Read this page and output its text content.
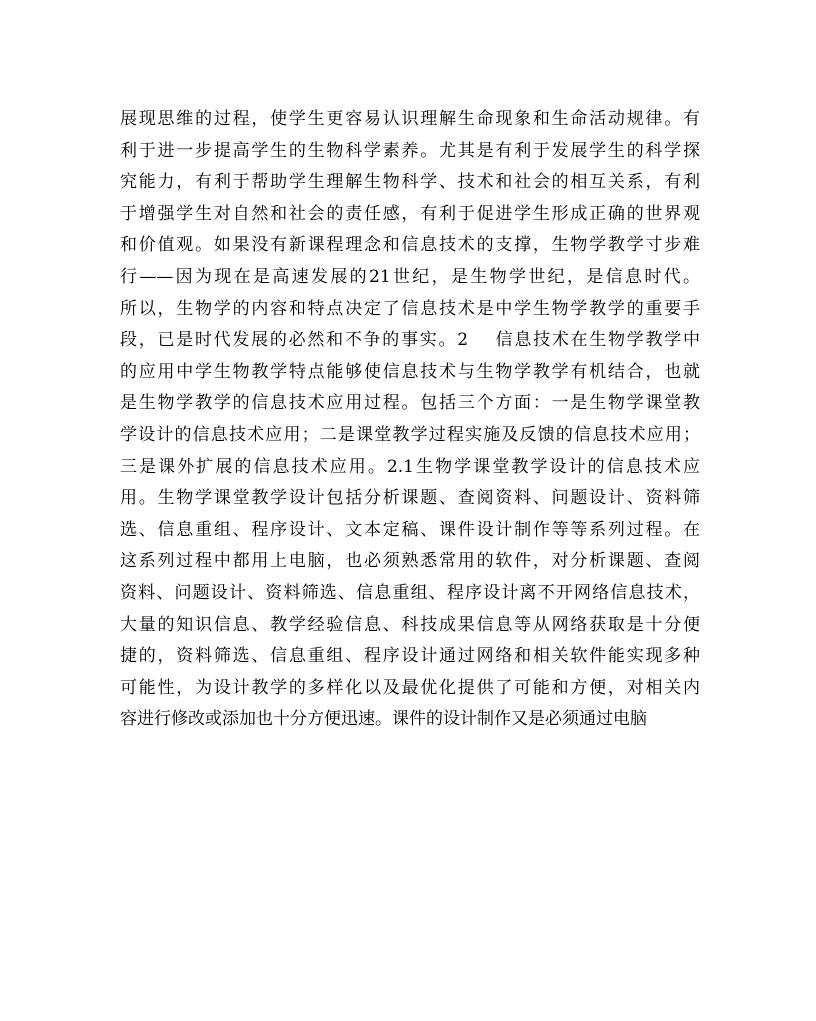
展现思维的过程，使学生更容易认识理解生命现象和生命活动规律。有
利于进一步提高学生的生物科学素养。尤其是有利于发展学生的科学探
究能力，有利于帮助学生理解生物科学、技术和社会的相互关系，有利
于增强学生对自然和社会的责任感，有利于促进学生形成正确的世界观
和价值观。如果没有新课程理念和信息技术的支撑，生物学教学寸步难
行——因为现在是高速发展的21世纪，是生物学世纪，是信息时代。
所以，生物学的内容和特点决定了信息技术是中学生物学教学的重要手
段，已是时代发展的必然和不争的事实。2　 信息技术在生物学教学中
的应用中学生物教学特点能够使信息技术与生物学教学有机结合，也就
是生物学教学的信息技术应用过程。包括三个方面：一是生物学课堂教
学设计的信息技术应用；二是课堂教学过程实施及反馈的信息技术应用；
三是课外扩展的信息技术应用。2.1生物学课堂教学设计的信息技术应
用。生物学课堂教学设计包括分析课题、查阅资料、问题设计、资料筛
选、信息重组、程序设计、文本定稿、课件设计制作等等系列过程。在
这系列过程中都用上电脑，也必须熟悉常用的软件，对分析课题、查阅
资料、问题设计、资料筛选、信息重组、程序设计离不开网络信息技术，
大量的知识信息、教学经验信息、科技成果信息等从网络获取是十分便
捷的，资料筛选、信息重组、程序设计通过网络和相关软件能实现多种
可能性，为设计教学的多样化以及最优化提供了可能和方便，对相关内
容进行修改或添加也十分方便迅速。课件的设计制作又是必须通过电脑
